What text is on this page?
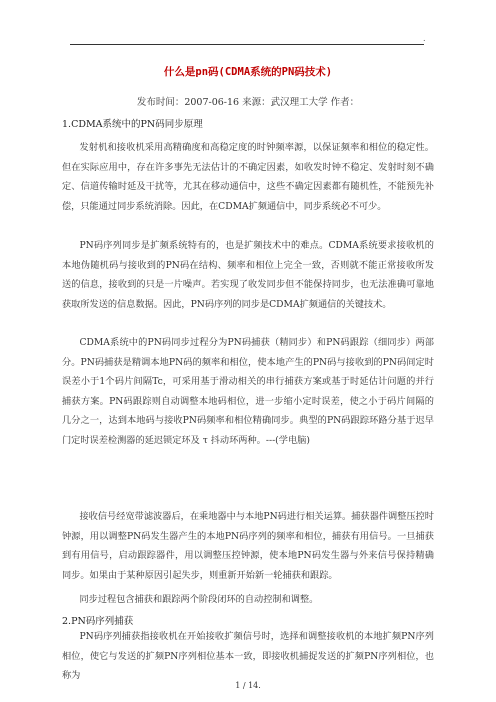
.
什么是pn码(CDMA系统的PN码技术)
发布时间：2007-06-16 来源：武汉理工大学 作者：
1.CDMA系统中的PN码同步原理

发射机和接收机采用高精确度和高稳定度的时钟频率源，以保证频率和相位的稳定性。但在实际应用中，存在许多事先无法估计的不确定因素，如收发时钟不稳定、发射时刻不确定、信道传输时延及干扰等，尤其在移动通信中，这些不确定因素都有随机性，不能预先补偿，只能通过同步系统消除。因此，在CDMA扩频通信中，同步系统必不可少。

PN码序列同步是扩频系统特有的，也是扩频技术中的难点。CDMA系统要求接收机的本地伪随机码与接收到的PN码在结构、频率和相位上完全一致，否则就不能正常接收所发送的信息，接收到的只是一片噪声。若实现了收发同步但不能保持同步，也无法准确可靠地获取所发送的信息数据。因此，PN码序列的同步是CDMA扩频通信的关键技术。

CDMA系统中的PN码同步过程分为PN码捕获（精同步）和PN码跟踪（细同步）两部分。PN码捕获是精调本地PN码的频率和相位，使本地产生的PN码与接收到的PN码间定时误差小于1个码片间隔Tc，可采用基于滑动相关的串行捕获方案或基于时延估计问题的并行捕获方案。PN码跟踪则自动调整本地码相位，进一步缩小定时误差，使之小于码片间隔的几分之一，达到本地码与接收PN码频率和相位精确同步。典型的PN码跟踪环路分基于迟早门定时误差检测器的延迟锁定环及 τ 抖动环两种。---(学电脑)

接收信号经宽带滤波器后，在乘地器中与本地PN码进行相关运算。捕获器件调整压控时钟源，用以调整PN码发生器产生的本地PN码序列的频率和相位，捕获有用信号。一旦捕获到有用信号，启动跟踪器件，用以调整压控钟源，使本地PN码发生器与外来信号保持精确同步。如果由于某种原因引起失步，则重新开始新一轮捕获和跟踪。

同步过程包含捕获和跟踪两个阶段闭环的自动控制和调整。

2.PN码序列捕获

PN码序列捕获指接收机在开始接收扩频信号时，选择和调整接收机的本地扩频PN序列相位，使它与发送的扩频PN序列相位基本一致，即接收机捕捉发送的扩频PN序列相位，也称为

1 / 14.
